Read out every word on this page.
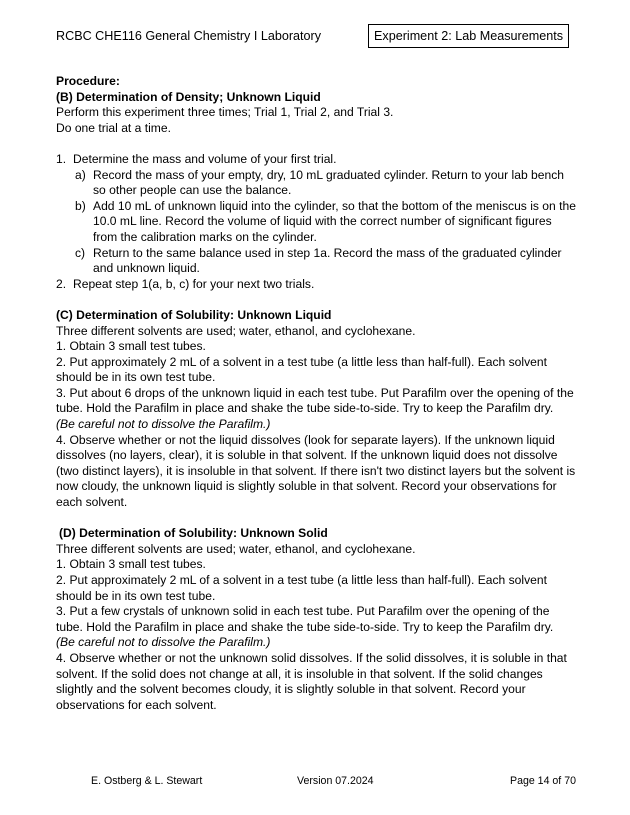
RCBC CHE116 General Chemistry I Laboratory	Experiment 2: Lab Measurements

Procedure:

(B) Determination of Density; Unknown Liquid

Perform this experiment three times; Trial 1, Trial 2, and Trial 3.

Do one trial at a time.

1. Determine the mass and volume of your first trial.
a) Record the mass of your empty, dry, 10 mL graduated cylinder. Return to your lab bench so other people can use the balance.
b) Add 10 mL of unknown liquid into the cylinder, so that the bottom of the meniscus is on the 10.0 mL line. Record the volume of liquid with the correct number of significant figures from the calibration marks on the cylinder.
c) Return to the same balance used in step 1a. Record the mass of the graduated cylinder and unknown liquid.
2. Repeat step 1(a, b, c) for your next two trials.

(C) Determination of Solubility: Unknown Liquid

Three different solvents are used; water, ethanol, and cyclohexane.

1. Obtain 3 small test tubes.

2. Put approximately 2 mL of a solvent in a test tube (a little less than half-full). Each solvent should be in its own test tube.

3. Put about 6 drops of the unknown liquid in each test tube. Put Parafilm over the opening of the tube. Hold the Parafilm in place and shake the tube side-to-side. Try to keep the Parafilm dry.  (Be careful not to dissolve the Parafilm.)

4. Observe whether or not the liquid dissolves (look for separate layers). If the unknown liquid dissolves (no layers, clear), it is soluble in that solvent. If the unknown liquid does not dissolve (two distinct layers), it is insoluble in that solvent. If there isn't two distinct layers but the solvent is now cloudy, the unknown liquid is slightly soluble in that solvent. Record your observations for each solvent.

(D) Determination of Solubility: Unknown Solid

Three different solvents are used; water, ethanol, and cyclohexane.

1. Obtain 3 small test tubes.

2. Put approximately 2 mL of a solvent in a test tube (a little less than half-full). Each solvent should be in its own test tube.

3. Put a few crystals of unknown solid in each test tube. Put Parafilm over the opening of the tube. Hold the Parafilm in place and shake the tube side-to-side. Try to keep the Parafilm dry.

(Be careful not to dissolve the Parafilm.)

4. Observe whether or not the unknown solid dissolves. If the solid dissolves, it is soluble in that solvent. If the solid does not change at all, it is insoluble in that solvent. If the solid changes slightly and the solvent becomes cloudy, it is slightly soluble in that solvent. Record your observations for each solvent.

E. Ostberg & L. Stewart	Version 07.2024	Page 14 of 70
